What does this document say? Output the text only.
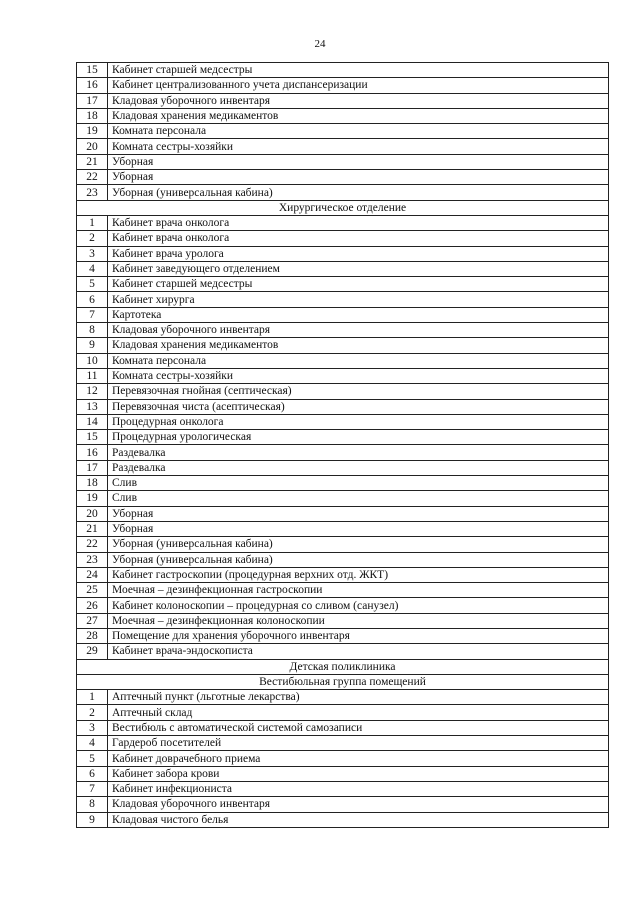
24
15	Кабинет старшей медсестры
16	Кабинет централизованного учета диспансеризации
17	Кладовая уборочного инвентаря
18	Кладовая хранения медикаментов
19	Комната персонала
20	Комната сестры-хозяйки
21	Уборная
22	Уборная
23	Уборная (универсальная кабина)
Хирургическое отделение	
1	Кабинет врача онколога
2	Кабинет врача онколога
3	Кабинет врача уролога
4	Кабинет заведующего отделением
5	Кабинет старшей медсестры
6	Кабинет хирурга
7	Картотека
8	Кладовая уборочного инвентаря
9	Кладовая хранения медикаментов
10	Комната персонала
11	Комната сестры-хозяйки
12	Перевязочная гнойная (септическая)
13	Перевязочная чиста (асептическая)
14	Процедурная онколога
15	Процедурная урологическая
16	Раздевалка
17	Раздевалка
18	Слив
19	Слив
20	Уборная
21	Уборная
22	Уборная (универсальная кабина)
23	Уборная (универсальная кабина)
24	Кабинет гастроскопии (процедурная верхних отд. ЖКТ)
25	Моечная – дезинфекционная гастроскопии
26	Кабинет колоноскопии – процедурная со сливом (санузел)
27	Моечная – дезинфекционная колоноскопии
28	Помещение для хранения уборочного инвентаря
29	Кабинет врача-эндоскописта
Детская поликлиника	
Вестибюльная группа помещений	
1	Аптечный пункт (льготные лекарства)
2	Аптечный склад
3	Вестибюль с автоматической системой самозаписи
4	Гардероб посетителей
5	Кабинет доврачебного приема
6	Кабинет забора крови
7	Кабинет инфекциониста
8	Кладовая уборочного инвентаря
9	Кладовая чистого белья
